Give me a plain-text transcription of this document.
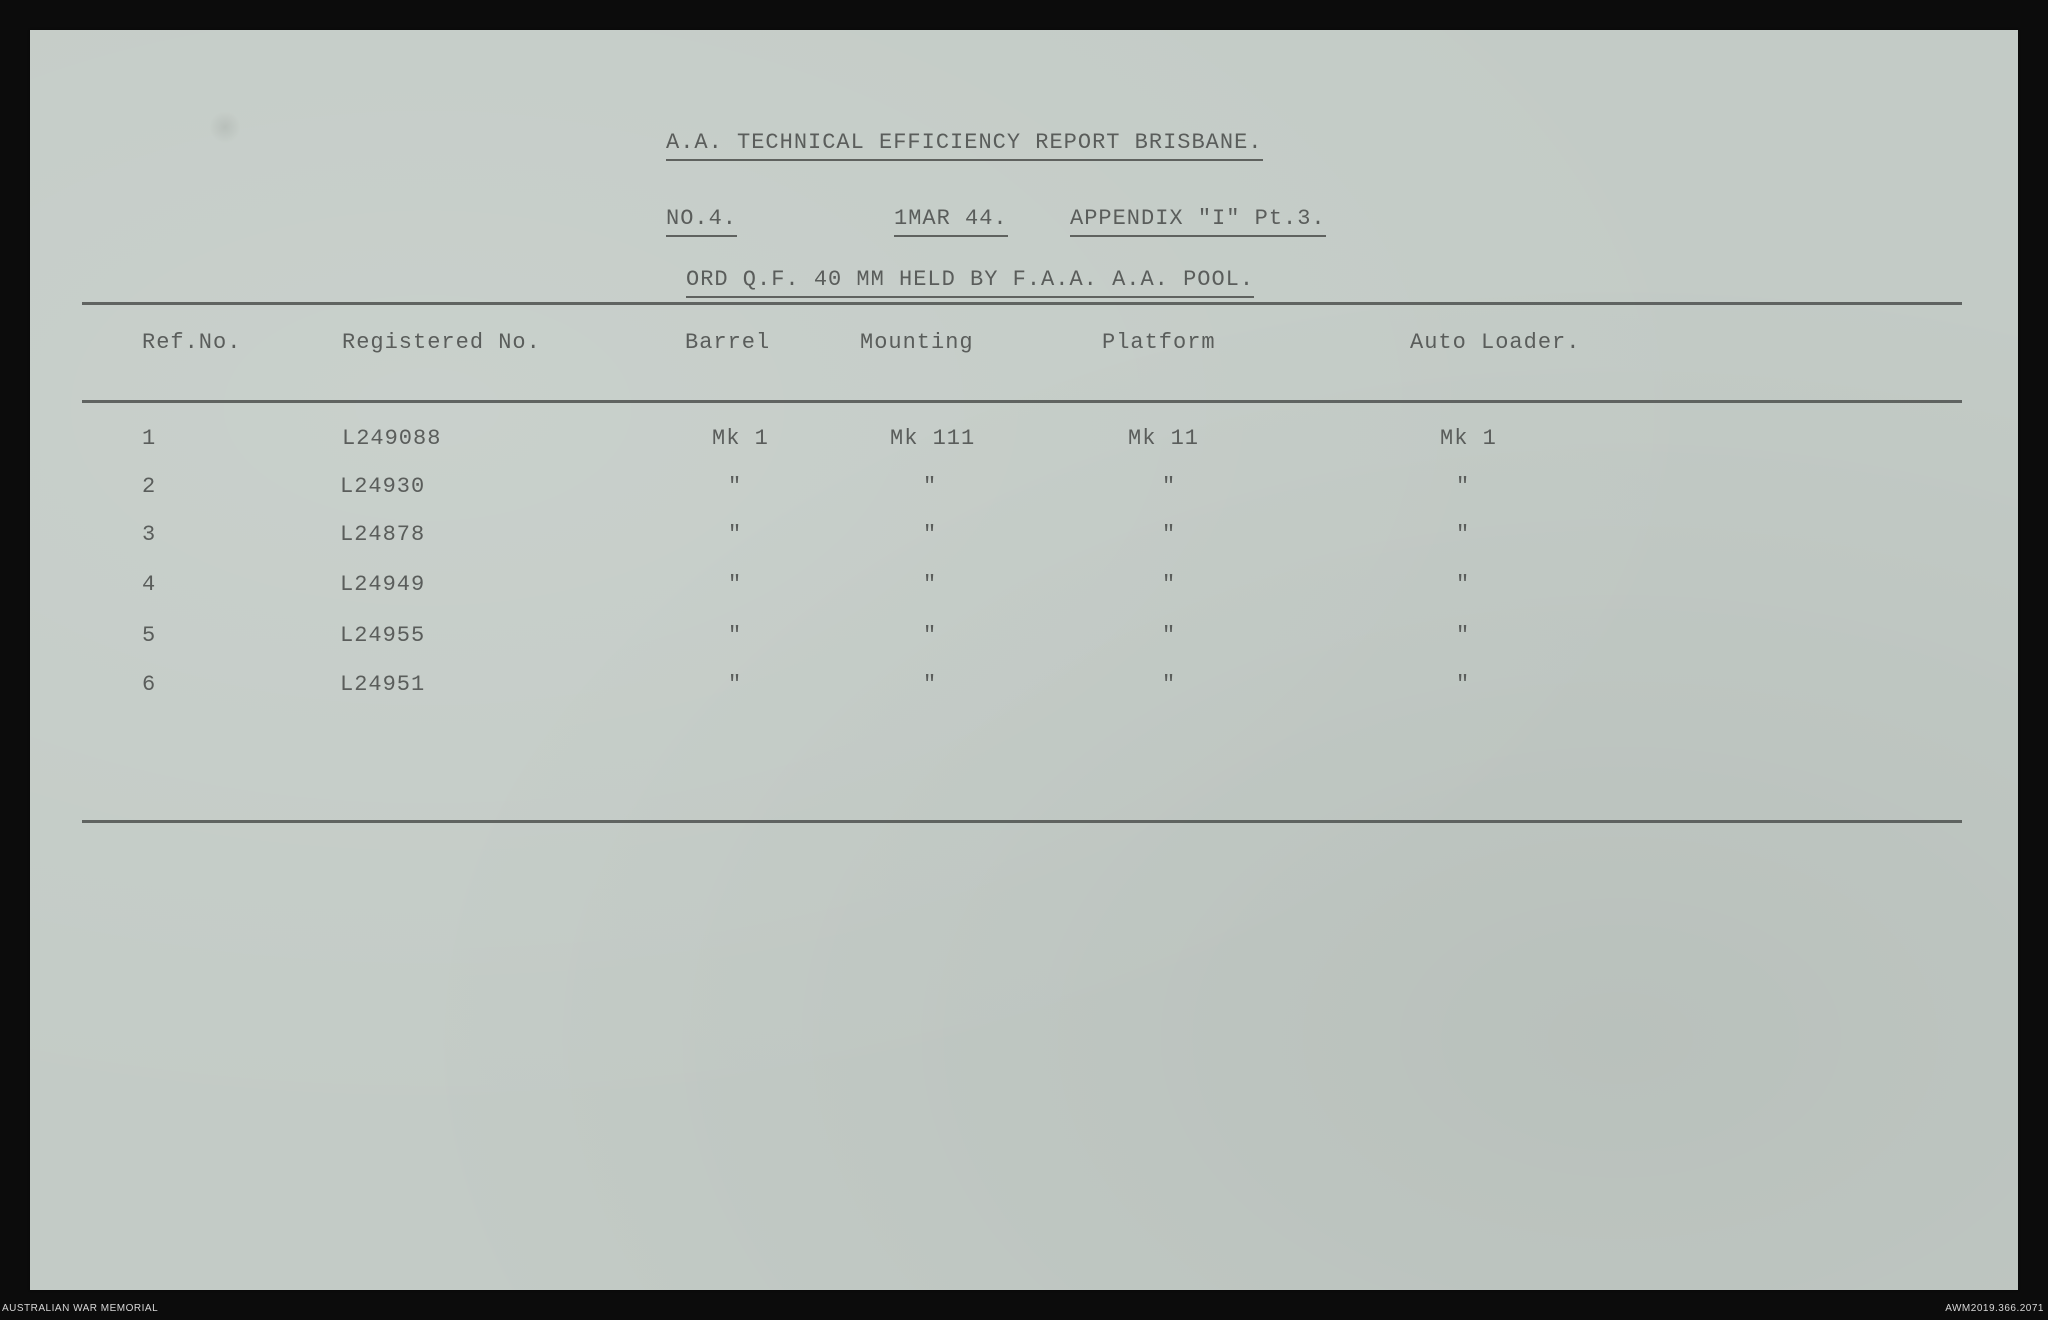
A.A. TECHNICAL EFFICIENCY REPORT BRISBANE.
NO.4.	1MAR 44.	APPENDIX "I" Pt.3.
ORD Q.F. 40 MM HELD BY F.A.A. A.A. POOL.
Ref.No.	Registered No.	Barrel	Mounting	Platform	Auto Loader.
1	L249088	Mk 1	Mk 111	Mk 11	Mk 1
2	L24930	"	"	"	"
3	L24878	"	"	"	"
4	L24949	"	"	"	"
5	L24955	"	"	"	"
6	L24951	"	"	"	"
AUSTRALIAN WAR MEMORIAL	AWM2019.366.2071
